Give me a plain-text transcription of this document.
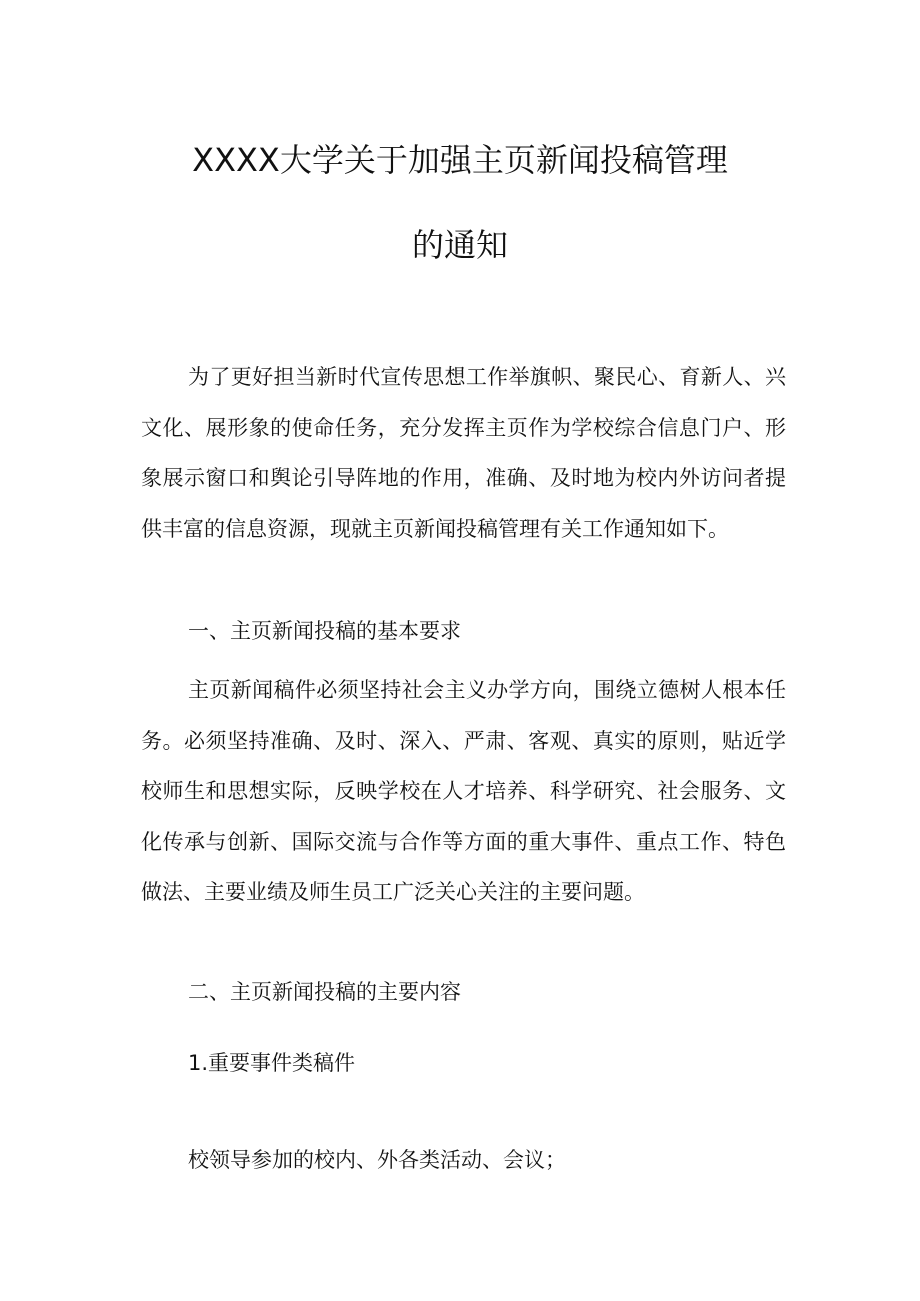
XXXX大学关于加强主页新闻投稿管理
的通知
为了更好担当新时代宣传思想工作举旗帜、聚民心、育新人、兴文化、展形象的使命任务，充分发挥主页作为学校综合信息门户、形象展示窗口和舆论引导阵地的作用，准确、及时地为校内外访问者提供丰富的信息资源，现就主页新闻投稿管理有关工作通知如下。
一、主页新闻投稿的基本要求
主页新闻稿件必须坚持社会主义办学方向，围绕立德树人根本任务。必须坚持准确、及时、深入、严肃、客观、真实的原则，贴近学校师生和思想实际，反映学校在人才培养、科学研究、社会服务、文化传承与创新、国际交流与合作等方面的重大事件、重点工作、特色做法、主要业绩及师生员工广泛关心关注的主要问题。
二、主页新闻投稿的主要内容
1.重要事件类稿件
校领导参加的校内、外各类活动、会议；
